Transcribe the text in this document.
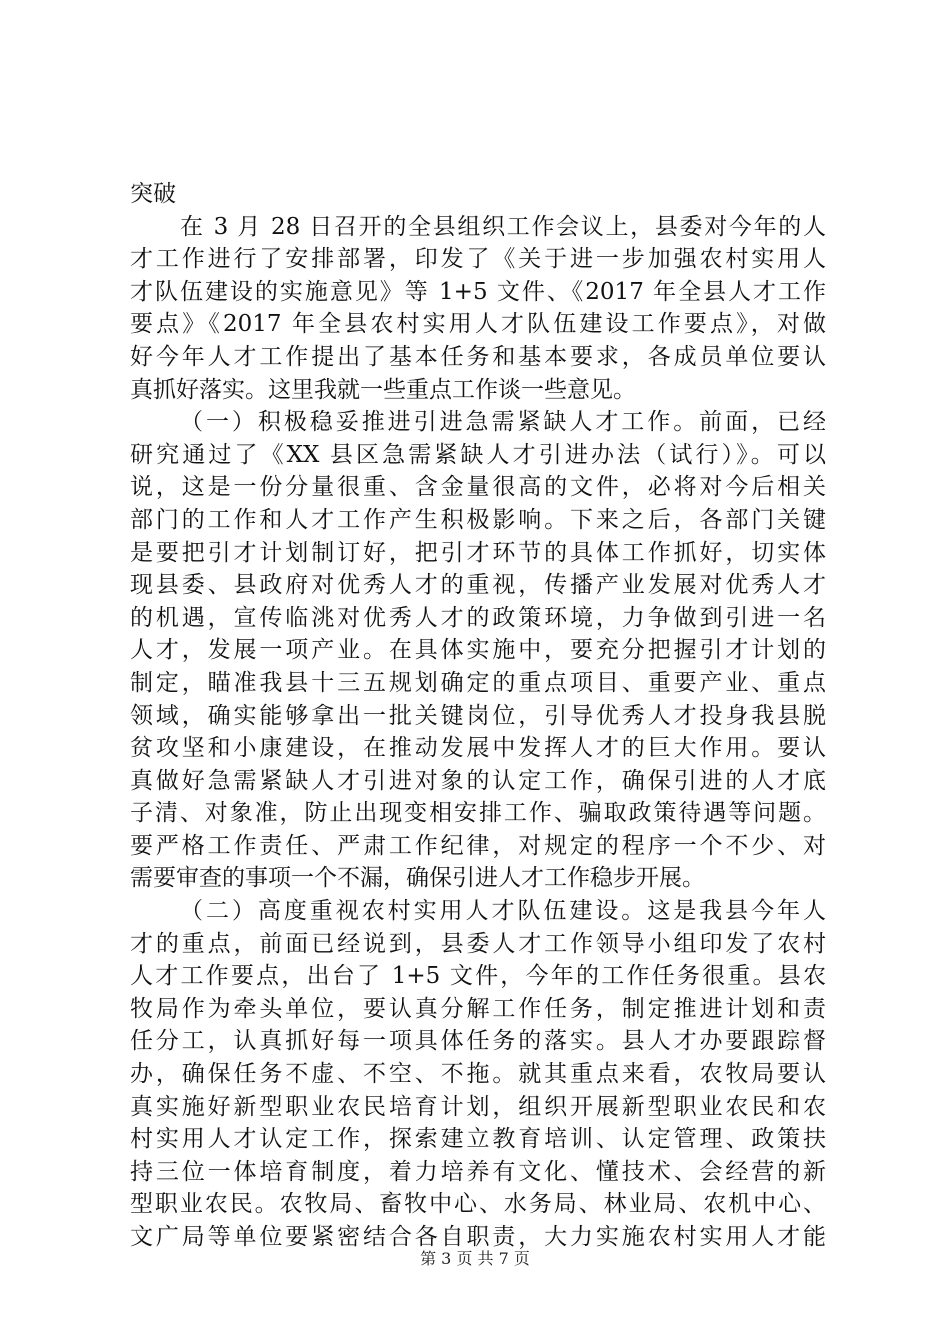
突破
在 3 月 28 日召开的全县组织工作会议上，县委对今年的人
才工作进行了安排部署，印发了《关于进一步加强农村实用人
才队伍建设的实施意见》等 1+5 文件、《2017 年全县人才工作
要点》《2017 年全县农村实用人才队伍建设工作要点》，对做
好今年人才工作提出了基本任务和基本要求，各成员单位要认
真抓好落实。这里我就一些重点工作谈一些意见。
（一）积极稳妥推进引进急需紧缺人才工作。前面，已经
研究通过了《XX 县区急需紧缺人才引进办法（试行）》。可以
说，这是一份分量很重、含金量很高的文件，必将对今后相关
部门的工作和人才工作产生积极影响。下来之后，各部门关键
是要把引才计划制订好，把引才环节的具体工作抓好，切实体
现县委、县政府对优秀人才的重视，传播产业发展对优秀人才
的机遇，宣传临洮对优秀人才的政策环境，力争做到引进一名
人才，发展一项产业。在具体实施中，要充分把握引才计划的
制定，瞄准我县十三五规划确定的重点项目、重要产业、重点
领域，确实能够拿出一批关键岗位，引导优秀人才投身我县脱
贫攻坚和小康建设，在推动发展中发挥人才的巨大作用。要认
真做好急需紧缺人才引进对象的认定工作，确保引进的人才底
子清、对象准，防止出现变相安排工作、骗取政策待遇等问题。
要严格工作责任、严肃工作纪律，对规定的程序一个不少、对
需要审查的事项一个不漏，确保引进人才工作稳步开展。
（二）高度重视农村实用人才队伍建设。这是我县今年人
才的重点，前面已经说到，县委人才工作领导小组印发了农村
人才工作要点，出台了 1+5 文件，今年的工作任务很重。县农
牧局作为牵头单位，要认真分解工作任务，制定推进计划和责
任分工，认真抓好每一项具体任务的落实。县人才办要跟踪督
办，确保任务不虚、不空、不拖。就其重点来看，农牧局要认
真实施好新型职业农民培育计划，组织开展新型职业农民和农
村实用人才认定工作，探索建立教育培训、认定管理、政策扶
持三位一体培育制度，着力培养有文化、懂技术、会经营的新
型职业农民。农牧局、畜牧中心、水务局、林业局、农机中心、
文广局等单位要紧密结合各自职责，大力实施农村实用人才能
第 3 页 共 7 页
